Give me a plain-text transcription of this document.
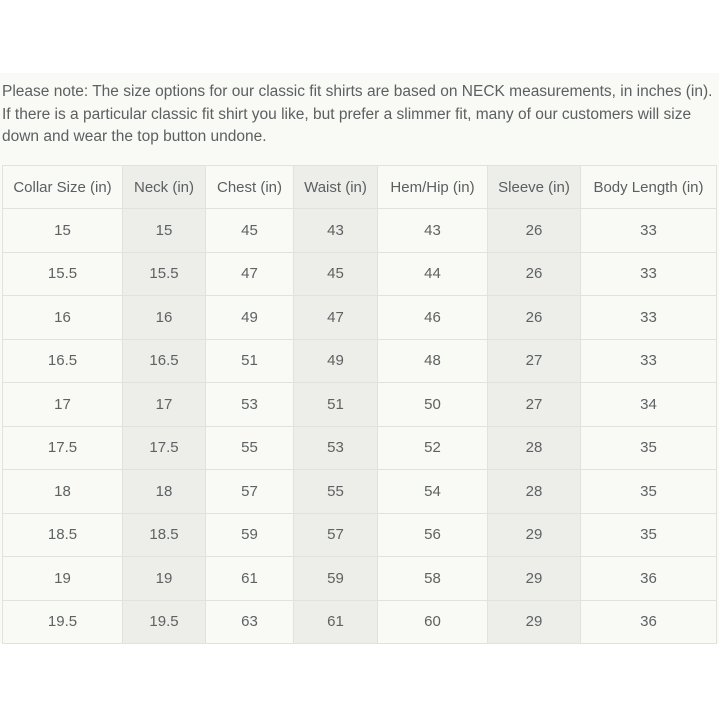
Please note: The size options for our classic fit shirts are based on NECK measurements, in inches (in). If there is a particular classic fit shirt you like, but prefer a slimmer fit, many of our customers will size down and wear the top button undone.

Collar Size (in)	Neck (in)	Chest (in)	Waist (in)	Hem/Hip (in)	Sleeve (in)	Body Length (in)
15	15	45	43	43	26	33
15.5	15.5	47	45	44	26	33
16	16	49	47	46	26	33
16.5	16.5	51	49	48	27	33
17	17	53	51	50	27	34
17.5	17.5	55	53	52	28	35
18	18	57	55	54	28	35
18.5	18.5	59	57	56	29	35
19	19	61	59	58	29	36
19.5	19.5	63	61	60	29	36
